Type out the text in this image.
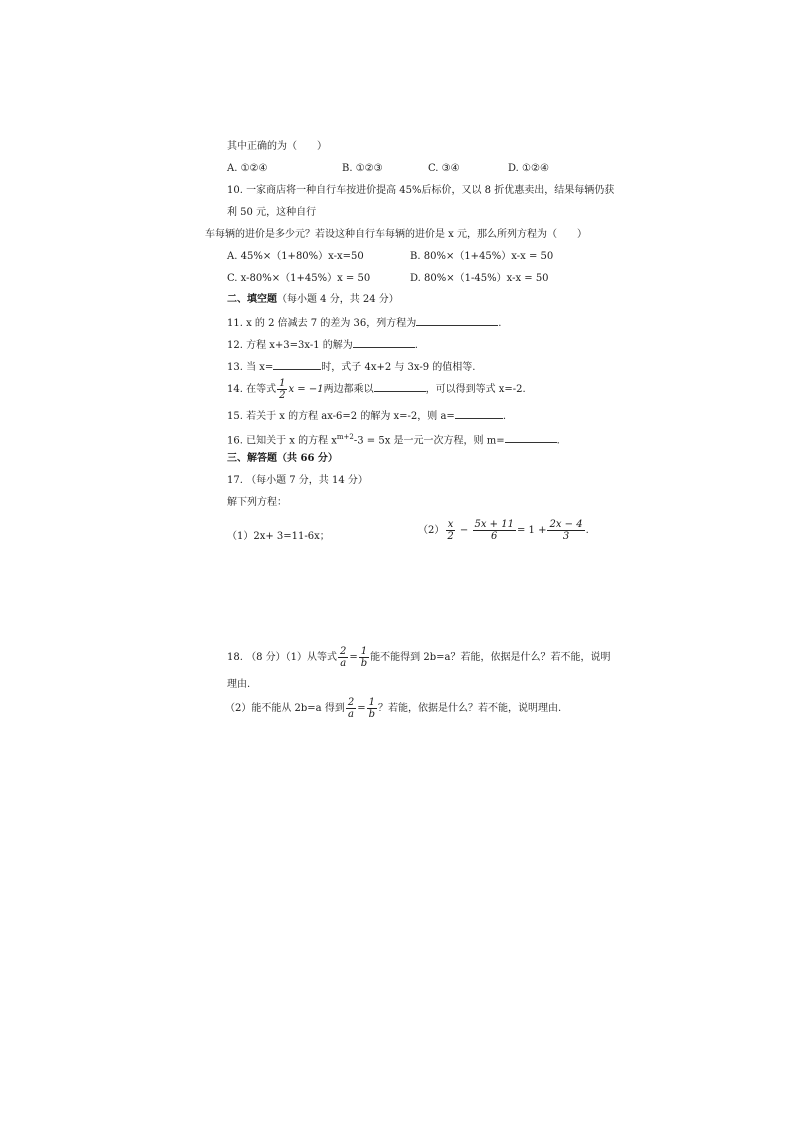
其中正确的为（　　）
A. ①②④	B. ①②③	C. ③④	D. ①②④
10. 一家商店将一种自行车按进价提高 45%后标价，又以 8 折优惠卖出，结果每辆仍获
利 50 元，这种自行
车每辆的进价是多少元？若设这种自行车每辆的进价是 x 元，那么所列方程为（　　）
A. 45%×（1+80%）x-x=50	B. 80%×（1+45%）x-x = 50
C. x-80%×（1+45%）x = 50	D. 80%×（1-45%）x-x = 50
二、填空题（每小题 4 分，共 24 分）
11. x 的 2 倍减去 7 的差为 36，列方程为	.
12. 方程 x+3=3x-1 的解为	.
13. 当 x=	时，式子 4x+2 与 3x-9 的值相等.
14. 在等式 $\frac{1}{2}$ x = −1两边都乘以	，可以得到等式 x=-2.
15. 若关于 x 的方程 ax-6=2 的解为 x=-2，则 a=	.
16. 已知关于 x 的方程 $x^{m+2}-3 = 5x$ 是一元一次方程，则 m=	.
三、解答题（共 66 分）
17. （每小题 7 分，共 14 分）
解下列方程：
（1）2x+ 3=11-6x；
$(2) \frac{x}{2} - \frac{5x + 11}{6} = 1 + \frac{2x - 4}{3}$ .
18. （8 分）（1）从等式 $\frac{2}{a} = \frac{1}{b}$ 能不能得到 2b=a？若能，依据是什么？若不能，说明
理由.
（2）能不能从 2b=a 得到 $\frac{2}{a} = \frac{1}{b}$ ？若能，依据是什么？若不能，说明理由.
